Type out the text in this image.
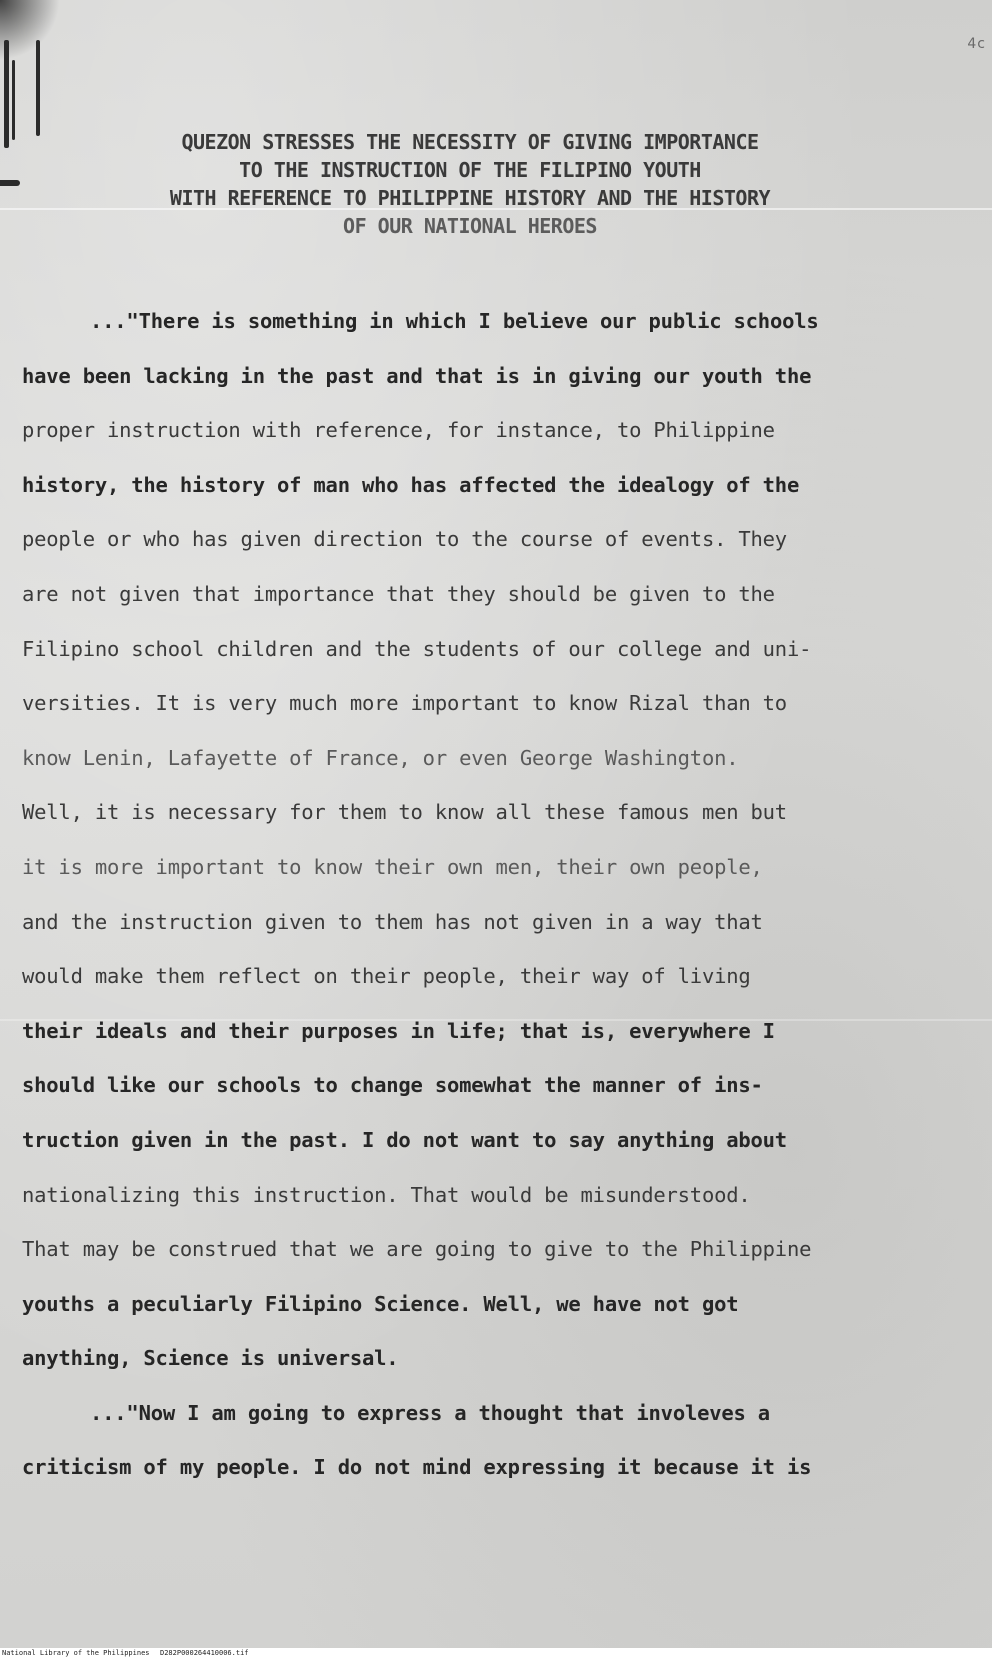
4c
QUEZON STRESSES THE NECESSITY OF GIVING IMPORTANCE
TO THE INSTRUCTION OF THE FILIPINO YOUTH
WITH REFERENCE TO PHILIPPINE HISTORY AND THE HISTORY
OF OUR NATIONAL HEROES
..."There is something in which I believe our public schools
have been lacking in the past and that is in giving our youth the
proper instruction with reference, for instance, to Philippine
history, the history of man who has affected the idealogy of the
people or who has given direction to the course of events. They
are not given that importance that they should be given to the
Filipino school children and the students of our college and uni-
versities. It is very much more important to know Rizal than to
know Lenin, Lafayette of France, or even George Washington.
Well, it is necessary for them to know all these famous men but
it is more important to know their own men, their own people,
and the instruction given to them has not given in a way that
would make them reflect on their people, their way of living
their ideals and their purposes in life; that is, everywhere I
should like our schools to change somewhat the manner of ins-
truction given in the past. I do not want to say anything about
nationalizing this instruction. That would be misunderstood.
That may be construed that we are going to give to the Philippine
youths a peculiarly Filipino Science. Well, we have not got
anything, Science is universal.
..."Now I am going to express a thought that involeves a
criticism of my people. I do not mind expressing it because it is
National Library of the Philippines D282P000264410006.tif
